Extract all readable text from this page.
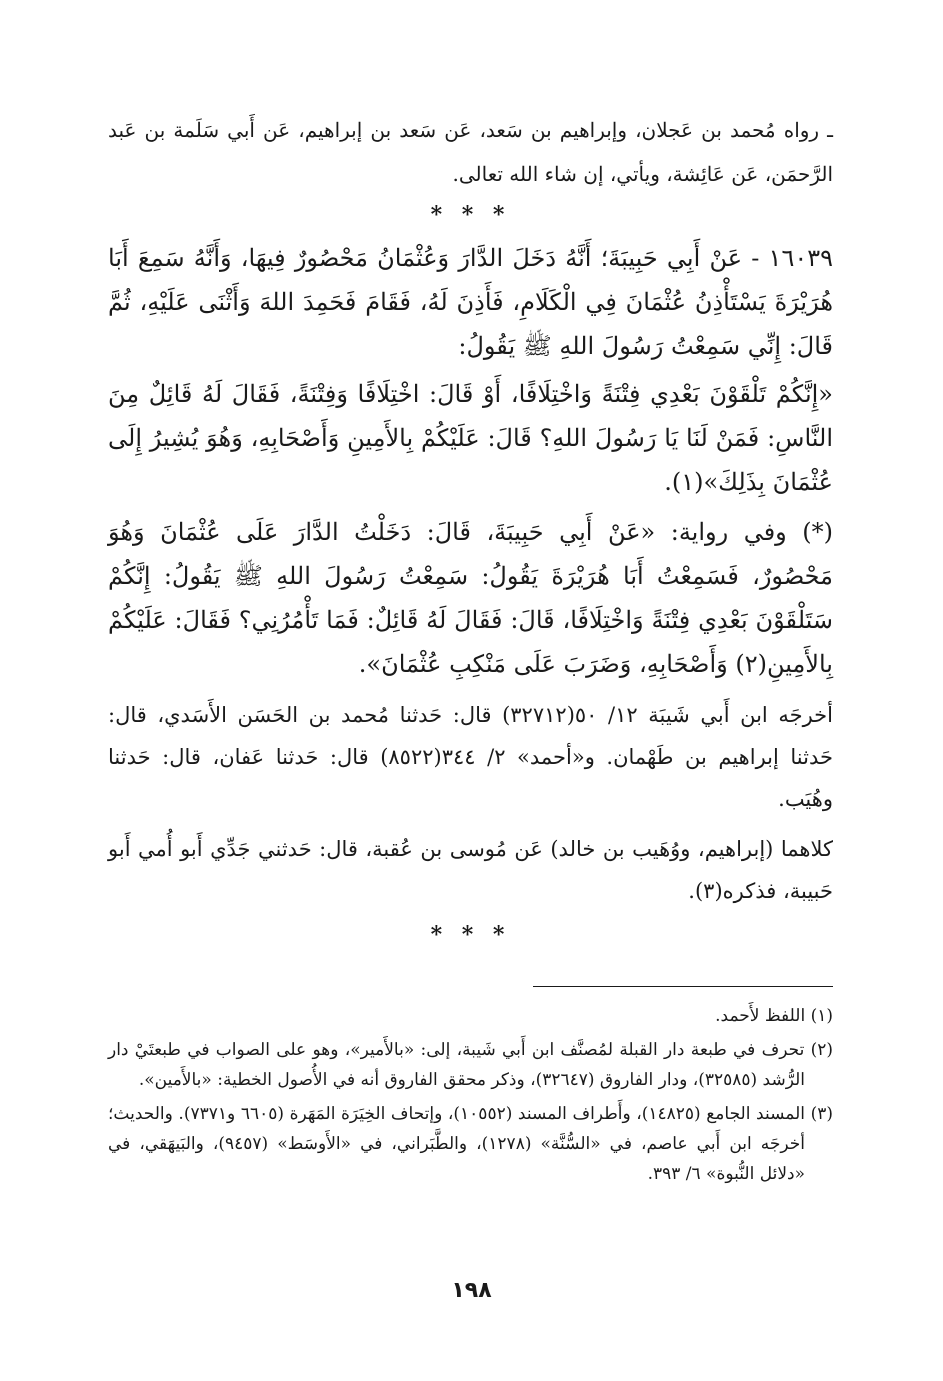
ـ رواه مُحمد بن عَجلان، وإبراهيم بن سَعد، عَن سَعد بن إبراهيم، عَن أَبي سَلَمة بن عَبد الرَّحمَن، عَن عَائِشة، ويأتي، إن شاء الله تعالى.

* * *

١٦٠٣٩ - عَنْ أَبِي حَبِيبَةَ؛ أَنَّهُ دَخَلَ الدَّارَ وَعُثْمَانُ مَحْصُورٌ فِيهَا، وَأَنَّهُ سَمِعَ أَبَا هُرَيْرَةَ يَسْتَأْذِنُ عُثْمَانَ فِي الْكَلَامِ، فَأَذِنَ لَهُ، فَقَامَ فَحَمِدَ اللهَ وَأَثْنَى عَلَيْهِ، ثُمَّ قَالَ: إِنِّي سَمِعْتُ رَسُولَ اللهِ ﷺ يَقُولُ:

«إِنَّكُمْ تَلْقَوْنَ بَعْدِي فِتْنَةً وَاخْتِلَافًا، أَوْ قَالَ: اخْتِلَافًا وَفِتْنَةً، فَقَالَ لَهُ قَائِلٌ مِنَ النَّاسِ: فَمَنْ لَنَا يَا رَسُولَ اللهِ؟ قَالَ: عَلَيْكُمْ بِالأَمِينِ وَأَصْحَابِهِ، وَهُوَ يُشِيرُ إِلَى عُثْمَانَ بِذَلِكَ»(١).

(*) وفي رواية: «عَنْ أَبِي حَبِيبَةَ، قَالَ: دَخَلْتُ الدَّارَ عَلَى عُثْمَانَ وَهُوَ مَحْصُورٌ، فَسَمِعْتُ أَبَا هُرَيْرَةَ يَقُولُ: سَمِعْتُ رَسُولَ اللهِ ﷺ يَقُولُ: إِنَّكُمْ سَتَلْقَوْنَ بَعْدِي فِتْنَةً وَاخْتِلَافًا، قَالَ: فَقَالَ لَهُ قَائِلٌ: فَمَا تَأْمُرُنِي؟ فَقَالَ: عَلَيْكُمْ بِالأَمِينِ(٢) وَأَصْحَابِهِ، وَضَرَبَ عَلَى مَنْكِبِ عُثْمَانَ».

أخرجَه ابن أَبي شَيبَة ١٢/ ٥٠(٣٢٧١٢) قال: حَدثنا مُحمد بن الحَسَن الأَسَدي، قال: حَدثنا إبراهيم بن طَهْمان. و«أحمد» ٢/ ٣٤٤(٨٥٢٢) قال: حَدثنا عَفان، قال: حَدثنا وهُيَب.

كلاهما (إبراهيم، ووُهَيب بن خالد) عَن مُوسى بن عُقبة، قال: حَدثني جَدِّي أَبو أُمي أَبو حَبيبة، فذكره(٣).

* * *

(١) اللفظ لأَحمد.

(٢) تحرف في طبعة دار القبلة لمُصنَّف ابن أَبي شَيبة، إلى: «بالأَمير»، وهو على الصواب في طبعتَيْ دار الرُّشد (٣٢٥٨٥)، ودار الفاروق (٣٢٦٤٧)، وذكر محقق الفاروق أنه في الأُصول الخطية: «بالأَمين».

(٣) المسند الجامع (١٤٨٢٥)، وأَطراف المسند (١٠٥٥٢)، وإتحاف الخِيَرَة المَهَرة (٦٦٠٥ و٧٣٧١). والحديث؛ أخرجَه ابن أَبي عاصم، في «السُّنَّة» (١٢٧٨)، والطَّبَراني، في «الأَوسَط» (٩٤٥٧)، والبَيهَقي، في «دلائل النُّبوة» ٦/ ٣٩٣.

١٩٨
